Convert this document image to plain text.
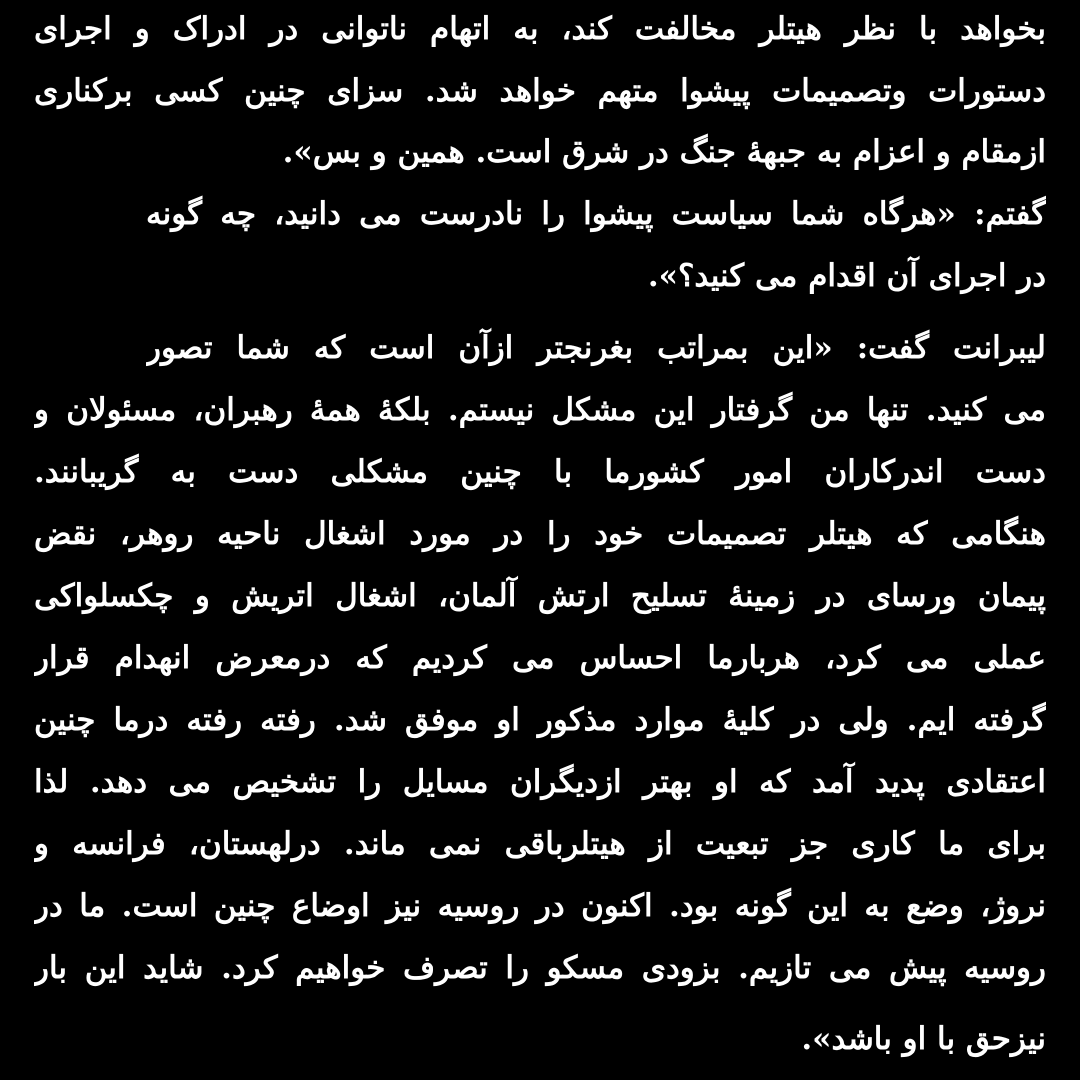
بخواهد با نظر هیتلر مخالفت کند، به اتهام ناتوانی در ادراک و اجرای
دستورات وتصمیمات پیشوا متهم خواهد شد. سزای چنین کسی برکناری
ازمقام و اعزام به جبههٔ جنگ در شرق است. همین و بس».
گفتم: «هرگاه شما سیاست پیشوا را نادرست می دانید، چه گونه
در اجرای آن اقدام می کنید؟».
لیبرانت گفت: «این بمراتب بغرنجتر ازآن است که شما تصور
می کنید. تنها من گرفتار این مشکل نیستم. بلکهٔ همهٔ رهبران، مسئولان و
دست اندرکاران امور کشورما با چنین مشکلی دست به گریبانند.
هنگامی که هیتلر تصمیمات خود را در مورد اشغال ناحیه روهر، نقض
پیمان ورسای در زمینهٔ تسلیح ارتش آلمان، اشغال اتریش و چکسلواکی
عملی می کرد، هربارما احساس می کردیم که درمعرض انهدام قرار
گرفته ایم. ولی در کلیهٔ موارد مذکور او موفق شد. رفته رفته درما چنین
اعتقادی پدید آمد که او بهتر ازدیگران مسایل را تشخیص می دهد. لذا
برای ما کاری جز تبعیت از هیتلرباقی نمی ماند. درلهستان، فرانسه و
نروژ، وضع به این گونه بود. اکنون در روسیه نیز اوضاع چنین است. ما در
روسیه پیش می تازیم. بزودی مسکو را تصرف خواهیم کرد. شاید این بار
نیزحق با او باشد».
